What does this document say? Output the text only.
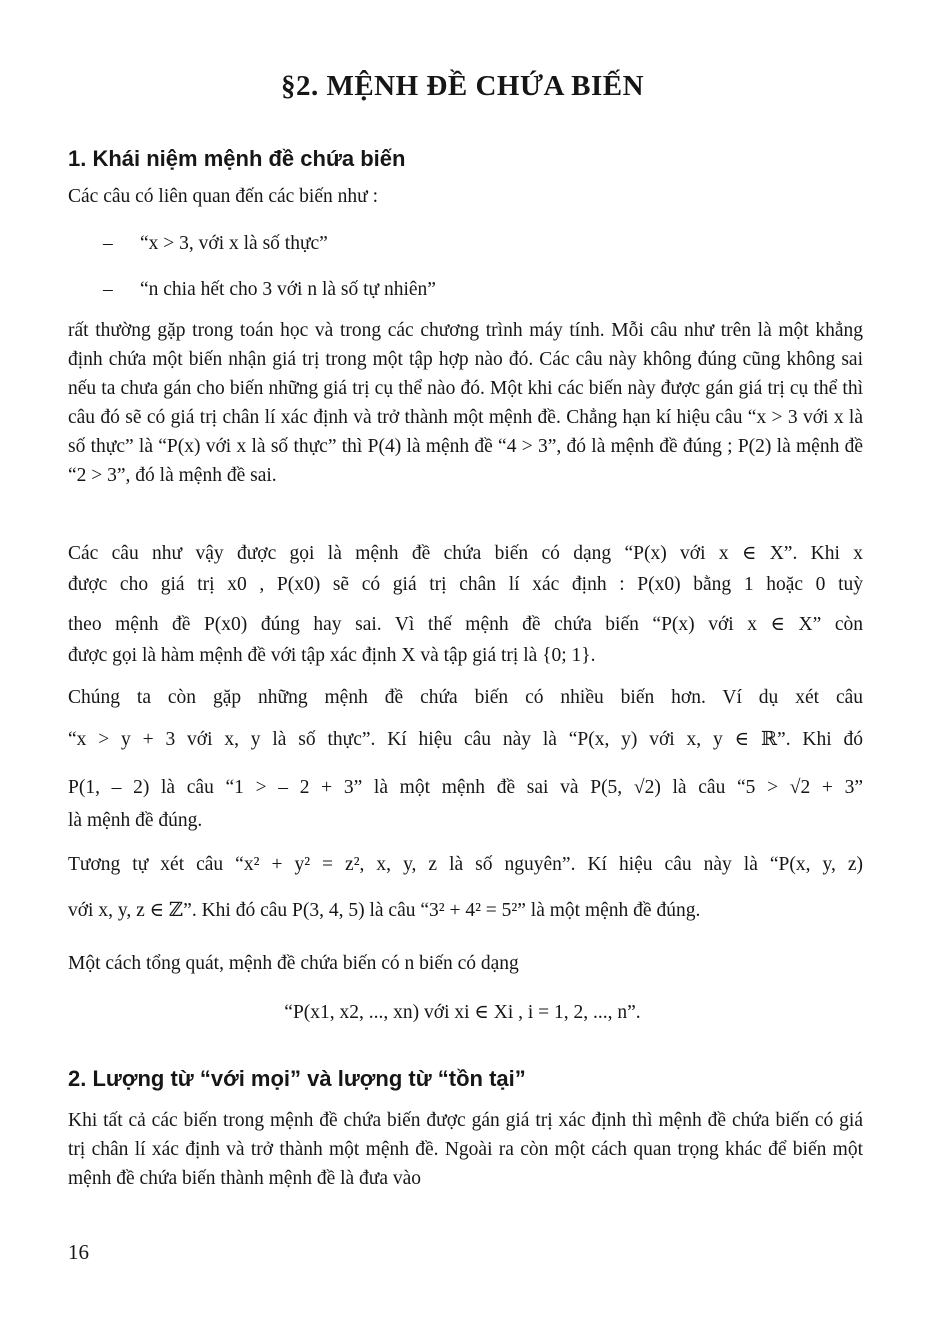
§2. MỆNH ĐỀ CHỨA BIẾN
1. Khái niệm mệnh đề chứa biến
Các câu có liên quan đến các biến như :
– “x > 3, với x là số thực”
– “n chia hết cho 3 với n là số tự nhiên”
rất thường gặp trong toán học và trong các chương trình máy tính. Mỗi câu như trên là một khẳng định chứa một biến nhận giá trị trong một tập hợp nào đó. Các câu này không đúng cũng không sai nếu ta chưa gán cho biến những giá trị cụ thể nào đó. Một khi các biến này được gán giá trị cụ thể thì câu đó sẽ có giá trị chân lí xác định và trở thành một mệnh đề. Chẳng hạn kí hiệu câu “x > 3 với x là số thực” là “P(x) với x là số thực” thì P(4) là mệnh đề “4 > 3”, đó là mệnh đề đúng ; P(2) là mệnh đề “2 > 3”, đó là mệnh đề sai.
Các câu như vậy được gọi là mệnh đề chứa biến có dạng “P(x) với x ∈ X”. Khi x
được cho giá trị x0 , P(x0) sẽ có giá trị chân lí xác định : P(x0) bằng 1 hoặc 0 tuỳ
theo mệnh đề P(x0) đúng hay sai. Vì thế mệnh đề chứa biến “P(x) với x ∈ X” còn
được gọi là hàm mệnh đề với tập xác định X và tập giá trị là {0; 1}.
Chúng ta còn gặp những mệnh đề chứa biến có nhiều biến hơn. Ví dụ xét câu
“x > y + 3 với x, y là số thực”. Kí hiệu câu này là “P(x, y) với x, y ∈ ℝ”. Khi đó
P(1, – 2) là câu “1 > – 2 + 3” là một mệnh đề sai và P(5, √2) là câu “5 > √2 + 3”
là mệnh đề đúng.
Tương tự xét câu “x² + y² = z², x, y, z là số nguyên”. Kí hiệu câu này là “P(x, y, z)
với x, y, z ∈ ℤ”. Khi đó câu P(3, 4, 5) là câu “3² + 4² = 5²” là một mệnh đề đúng.
Một cách tổng quát, mệnh đề chứa biến có n biến có dạng
“P(x1, x2, ..., xn) với xi ∈ Xi , i = 1, 2, ..., n”.
2. Lượng từ “với mọi” và lượng từ “tồn tại”
Khi tất cả các biến trong mệnh đề chứa biến được gán giá trị xác định thì mệnh đề chứa biến có giá trị chân lí xác định và trở thành một mệnh đề. Ngoài ra còn một cách quan trọng khác để biến một mệnh đề chứa biến thành mệnh đề là đưa vào
16
